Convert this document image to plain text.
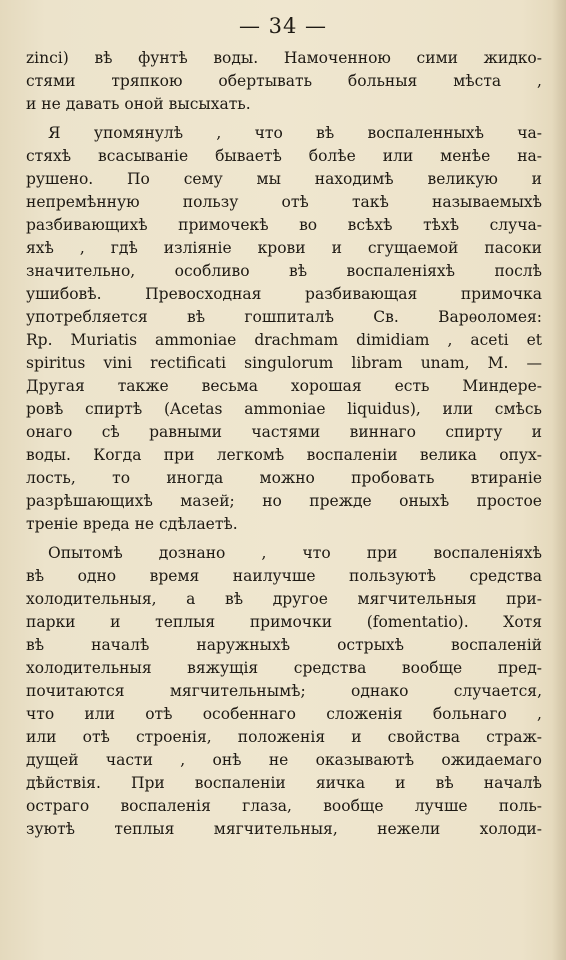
— 34 —
zinci) вѣ фунтѣ воды. Намоченною сими жидко-
стями тряпкою обертывать больныя мѣста ,
и не давать оной высыхать.
Я упомянулѣ , что вѣ воспаленныхѣ ча-
стяхѣ всасываніе бываетѣ болѣе или менѣе на-
рушено. По сему мы находимѣ великую и
непремѣнную пользу отѣ такѣ называемыхѣ
разбивающихѣ примочекѣ во всѣхѣ тѣхѣ случа-
яхѣ , гдѣ изліяніе крови и сгущаемой пасоки
значительно, особливо вѣ воспаленіяхѣ послѣ
ушибовѣ. Превосходная разбивающая примочка
употребляется вѣ гошпиталѣ Св. Варѳоломея:
Rp. Muriatis ammoniae drachmam dimidiam , aceti et
spiritus vini rectificati singulorum libram unam, M. —
Другая также весьма хорошая есть Миндере-
ровѣ спиртѣ (Acetas ammoniae liquidus), или смѣсь
онаго сѣ равными частями виннаго спирту и
воды. Когда при легкомѣ воспаленіи велика опух-
лость, то иногда можно пробовать втираніе
разрѣшающихѣ мазей; но прежде оныхѣ простое
треніе вреда не сдѣлаетѣ.
Опытомѣ дознано , что при воспаленіяхѣ
вѣ одно время наилучше пользуютѣ средства
холодительныя, а вѣ другое мягчительныя при-
парки и теплыя примочки (fomentatio). Хотя
вѣ началѣ наружныхѣ острыхѣ воспаленій
холодительныя вяжущія средства вообще пред-
почитаются мягчительнымѣ; однако случается,
что или отѣ особеннаго сложенія больнаго ,
или отѣ строенія, положенія и свойства страж-
дущей части , онѣ не оказываютѣ ожидаемаго
дѣйствія. При воспаленіи яичка и вѣ началѣ
остраго воспаленія глаза, вообще лучше поль-
зуютѣ теплыя мягчительныя, нежели холоди-
